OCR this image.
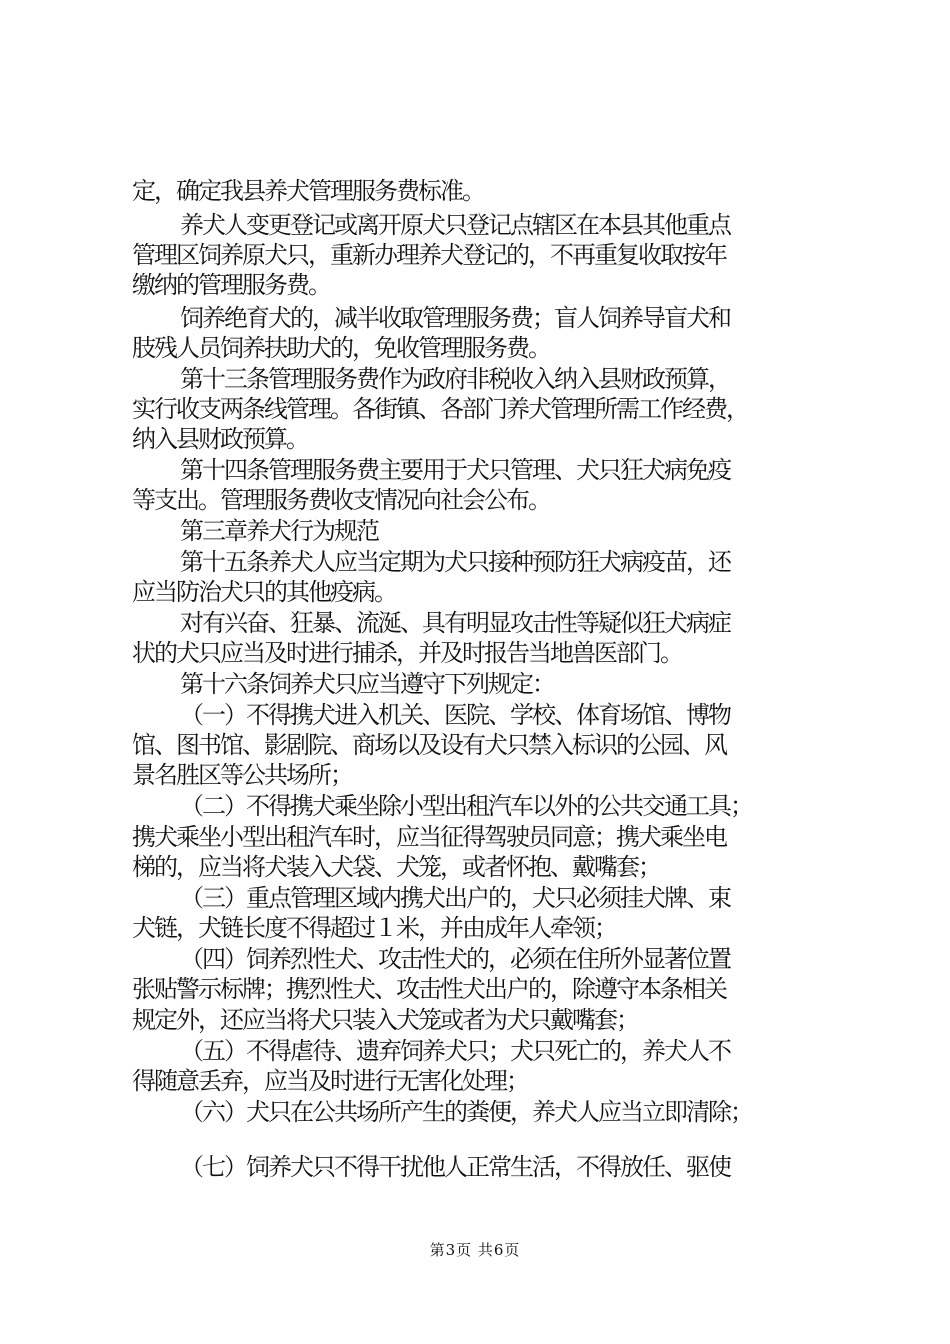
定，确定我县养犬管理服务费标准。
养犬人变更登记或离开原犬只登记点辖区在本县其他重点
管理区饲养原犬只，重新办理养犬登记的，不再重复收取按年
缴纳的管理服务费。
饲养绝育犬的，减半收取管理服务费；盲人饲养导盲犬和
肢残人员饲养扶助犬的，免收管理服务费。
第十三条管理服务费作为政府非税收入纳入县财政预算，
实行收支两条线管理。各街镇、各部门养犬管理所需工作经费，
纳入县财政预算。
第十四条管理服务费主要用于犬只管理、犬只狂犬病免疫
等支出。管理服务费收支情况向社会公布。
第三章养犬行为规范
第十五条养犬人应当定期为犬只接种预防狂犬病疫苗，还
应当防治犬只的其他疫病。
对有兴奋、狂暴、流涎、具有明显攻击性等疑似狂犬病症
状的犬只应当及时进行捕杀，并及时报告当地兽医部门。
第十六条饲养犬只应当遵守下列规定：
（一）不得携犬进入机关、医院、学校、体育场馆、博物
馆、图书馆、影剧院、商场以及设有犬只禁入标识的公园、风
景名胜区等公共场所；
（二）不得携犬乘坐除小型出租汽车以外的公共交通工具；
携犬乘坐小型出租汽车时，应当征得驾驶员同意；携犬乘坐电
梯的，应当将犬装入犬袋、犬笼，或者怀抱、戴嘴套；
（三）重点管理区域内携犬出户的，犬只必须挂犬牌、束
犬链，犬链长度不得超过１米，并由成年人牵领；
（四）饲养烈性犬、攻击性犬的，必须在住所外显著位置
张贴警示标牌；携烈性犬、攻击性犬出户的，除遵守本条相关
规定外，还应当将犬只装入犬笼或者为犬只戴嘴套；
（五）不得虐待、遗弃饲养犬只；犬只死亡的，养犬人不
得随意丢弃，应当及时进行无害化处理；
（六）犬只在公共场所产生的粪便，养犬人应当立即清除；
（七）饲养犬只不得干扰他人正常生活，不得放任、驱使
第3页 共6页
